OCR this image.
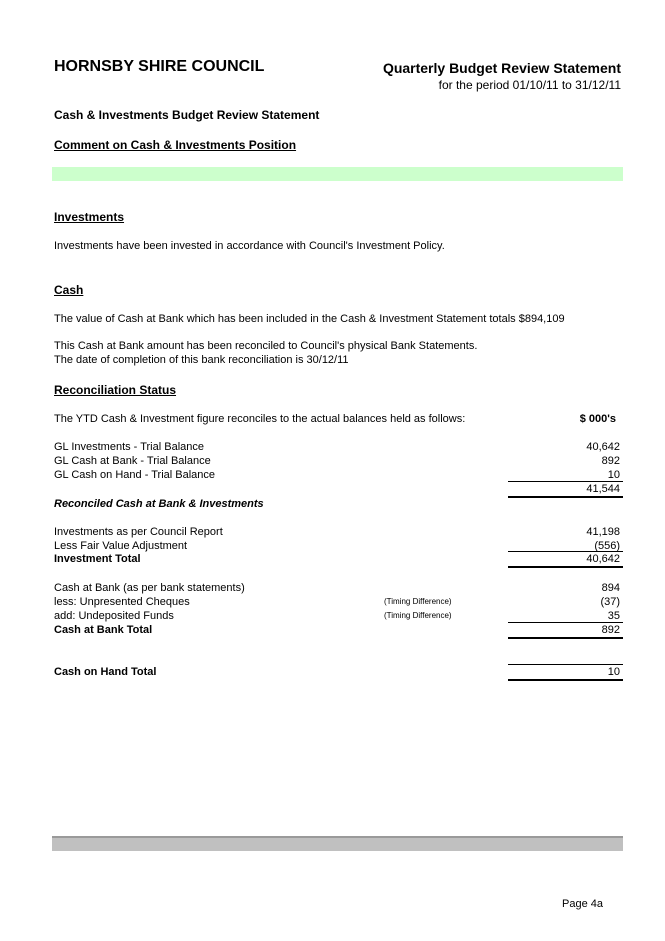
HORNSBY SHIRE COUNCIL	Quarterly Budget Review Statement
for the period 01/10/11 to 31/12/11
Cash & Investments Budget Review Statement
Comment on Cash & Investments Position
Investments
Investments have been invested in accordance with Council's Investment Policy.
Cash
The value of Cash at Bank which has been included in the Cash & Investment Statement totals $894,109
This Cash at Bank amount has been reconciled to Council's physical Bank Statements.
The date of completion of this bank reconciliation is 30/12/11
Reconciliation Status
The YTD Cash & Investment figure reconciles to the actual balances held as follows:	$ 000's
GL Investments - Trial Balance	40,642
GL Cash at Bank - Trial Balance	892
GL Cash on Hand - Trial Balance	10
41,544
Reconciled Cash at Bank & Investments
Investments as per Council Report	41,198
Less Fair Value Adjustment	(556)
Investment Total	40,642
Cash at Bank (as per bank statements)	894
less: Unpresented Cheques	(Timing Difference)	(37)
add: Undeposited Funds	(Timing Difference)	35
Cash at Bank Total	892
Cash on Hand Total	10
Page 4a
